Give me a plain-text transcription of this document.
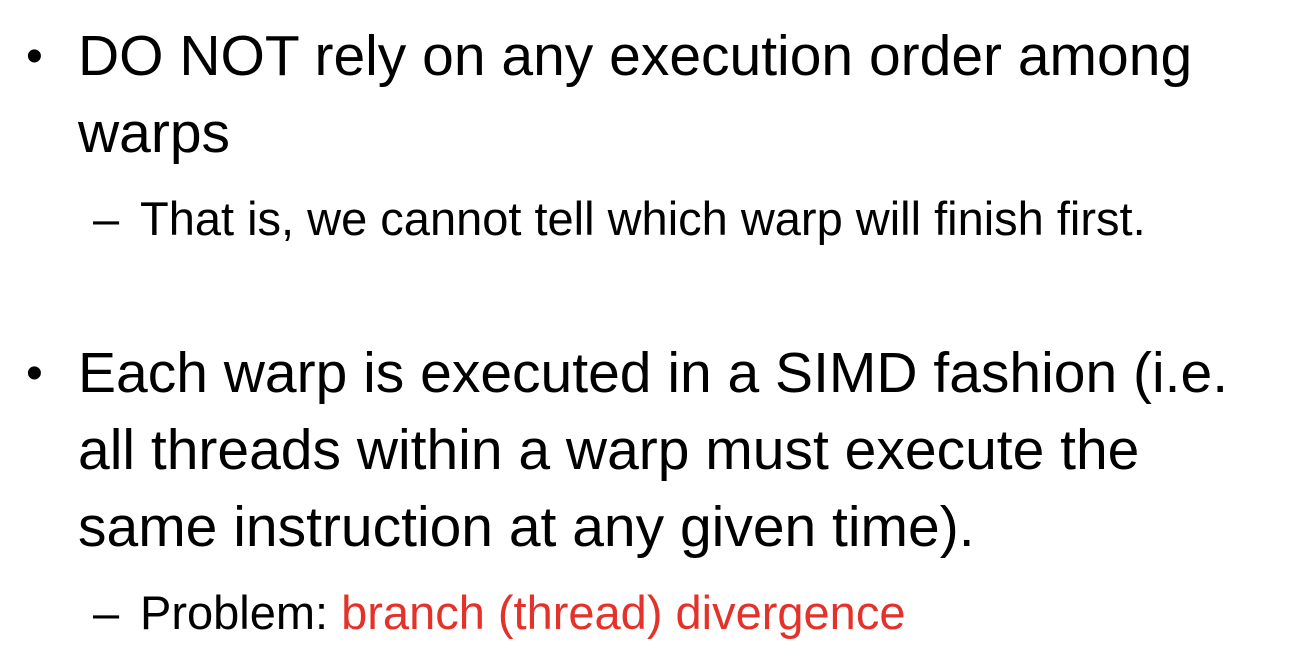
• DO NOT rely on any execution order among warps
– That is, we cannot tell which warp will finish first.
• Each warp is executed in a SIMD fashion (i.e. all threads within a warp must execute the same instruction at any given time).
– Problem: branch (thread) divergence
